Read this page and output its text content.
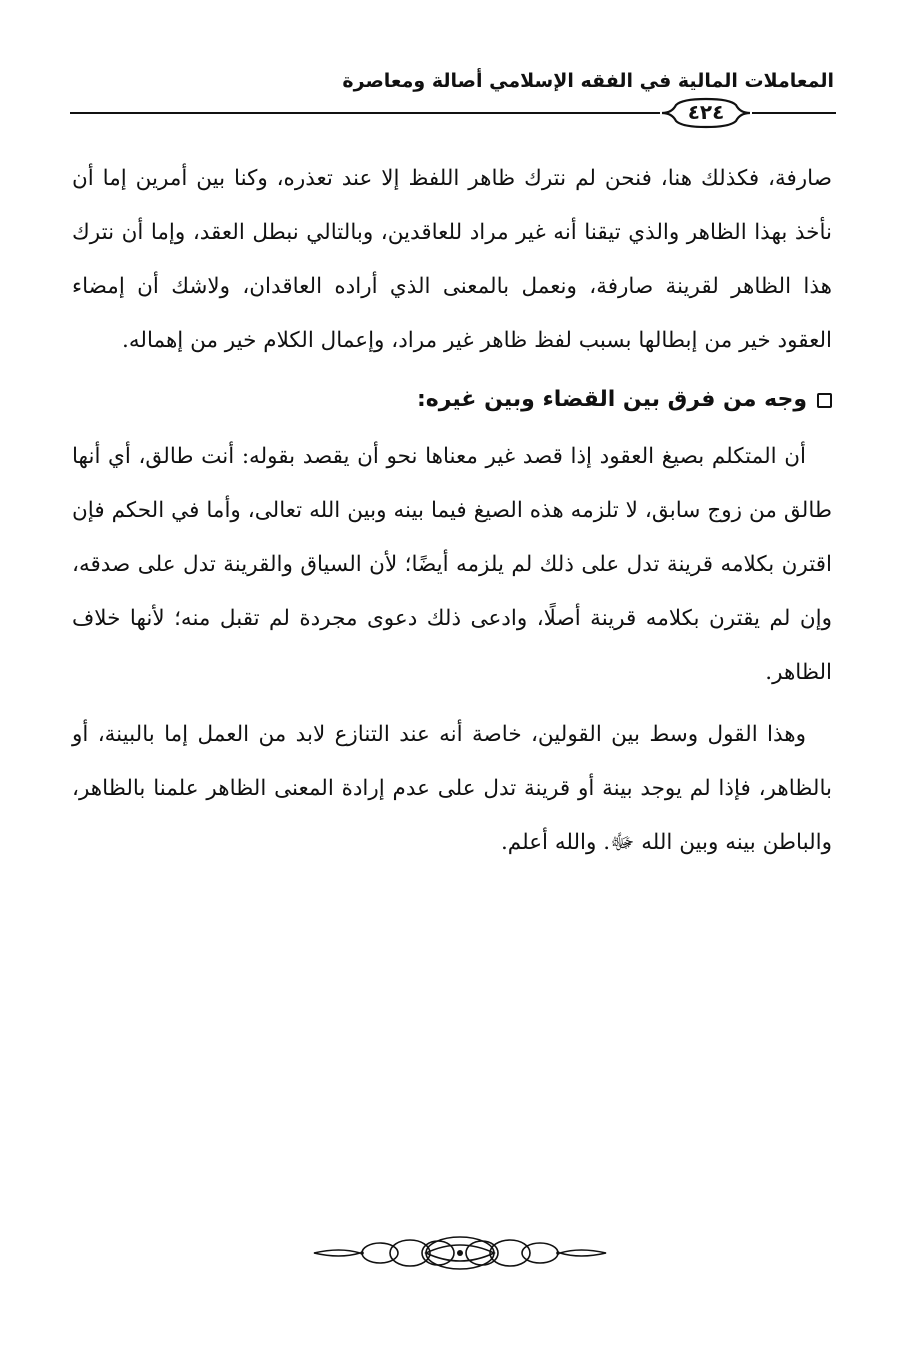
المعاملات المالية في الفقه الإسلامي أصالة ومعاصرة
٤٢٤

صارفة، فكذلك هنا، فنحن لم نترك ظاهر اللفظ إلا عند تعذره، وكنا بين أمرين إما أن نأخذ بهذا الظاهر والذي تيقنا أنه غير مراد للعاقدين، وبالتالي نبطل العقد، وإما أن نترك هذا الظاهر لقرينة صارفة، ونعمل بالمعنى الذي أراده العاقدان، ولاشك أن إمضاء العقود خير من إبطالها بسبب لفظ ظاهر غير مراد، وإعمال الكلام خير من إهماله.

وجه من فرق بين القضاء وبين غيره:

أن المتكلم بصيغ العقود إذا قصد غير معناها نحو أن يقصد بقوله: أنت طالق، أي أنها طالق من زوج سابق، لا تلزمه هذه الصيغ فيما بينه وبين الله تعالى، وأما في الحكم فإن اقترن بكلامه قرينة تدل على ذلك لم يلزمه أيضًا؛ لأن السياق والقرينة تدل على صدقه، وإن لم يقترن بكلامه قرينة أصلًا، وادعى ذلك دعوى مجردة لم تقبل منه؛ لأنها خلاف الظاهر.

وهذا القول وسط بين القولين، خاصة أنه عند التنازع لابد من العمل إما بالبينة، أو بالظاهر، فإذا لم يوجد بينة أو قرينة تدل على عدم إرادة المعنى الظاهر علمنا بالظاهر، والباطن بينه وبين الله ﷻ. والله أعلم.
